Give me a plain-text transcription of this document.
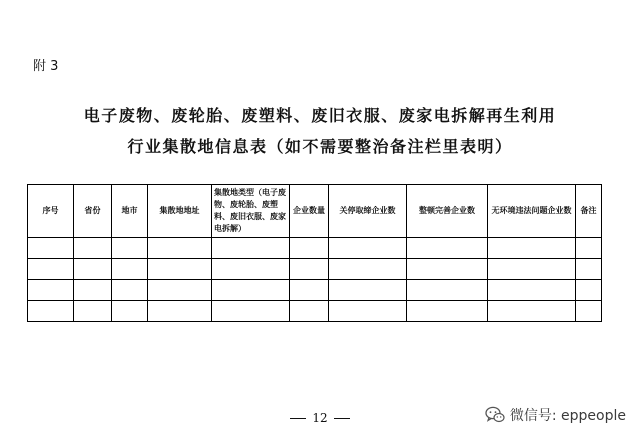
附 3
电子废物、废轮胎、废塑料、废旧衣服、废家电拆解再生利用
行业集散地信息表（如不需要整治备注栏里表明）
序号	省份	地市	集散地地址	集散地类型（电子废物、废轮胎、废塑料、废旧衣服、废家电拆解）	企业数量	关停取缔企业数	整顿完善企业数	无环境违法问题企业数	备注

12	微信号: eppeople
